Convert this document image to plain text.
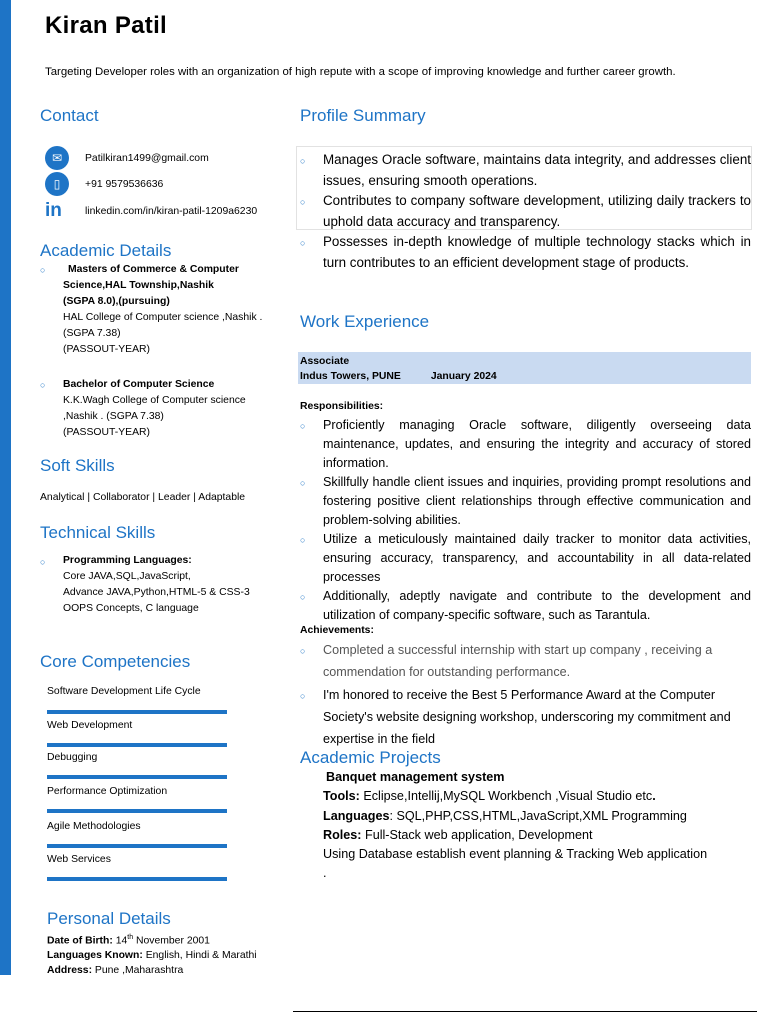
Kiran Patil
Targeting Developer roles with an organization of high repute with a scope of improving knowledge and further career growth.
Contact
✉	Patilkiran1499@gmail.com
▯	+91 9579536636
in	linkedin.com/in/kiran-patil-1209a6230
Academic Details
○	Masters of Commerce & Computer
Science,HAL Township,Nashik
(SGPA 8.0),(pursuing)
HAL College of Computer science ,Nashik .
(SGPA 7.38)
(PASSOUT-YEAR)
○ Bachelor of Computer Science
K.K.Wagh College of Computer science
,Nashik . (SGPA 7.38)
(PASSOUT-YEAR)
Soft Skills
Analytical | Collaborator | Leader | Adaptable
Technical Skills
○ Programming Languages:
Core JAVA,SQL,JavaScript,
Advance JAVA,Python,HTML-5 & CSS-3
OOPS Concepts, C language
Core Competencies
Software Development Life Cycle
Web Development
Debugging
Performance Optimization
Agile Methodologies
Web Services
Personal Details
Date of Birth: 14th November 2001
Languages Known: English, Hindi & Marathi
Address: Pune ,Maharashtra
Profile Summary
○ Manages Oracle software, maintains data integrity, and addresses client issues, ensuring smooth operations.
○ Contributes to company software development, utilizing daily trackers to uphold data accuracy and transparency.
○ Possesses in-depth knowledge of multiple technology stacks which in turn contributes to an efficient development stage of products.
Work Experience
Associate
Indus Towers, PUNE	January 2024
Responsibilities:
○ Proficiently managing Oracle software, diligently overseeing data maintenance, updates, and ensuring the integrity and accuracy of stored information.
○ Skillfully handle client issues and inquiries, providing prompt resolutions and fostering positive client relationships through effective communication and problem-solving abilities.
○ Utilize a meticulously maintained daily tracker to monitor data activities, ensuring accuracy, transparency, and accountability in all data-related processes
○ Additionally, adeptly navigate and contribute to the development and utilization of company-specific software, such as Tarantula.
Achievements:
○ Completed a successful internship with start up company , receiving a commendation for outstanding performance.
○ I'm honored to receive the Best 5 Performance Award at the Computer Society's website designing workshop, underscoring my commitment and expertise in the field
Academic Projects
Banquet management system
Tools: Eclipse,Intellij,MySQL Workbench ,Visual Studio etc.
Languages: SQL,PHP,CSS,HTML,JavaScript,XML Programming
Roles: Full-Stack web application, Development
Using Database establish event planning & Tracking Web application
.
